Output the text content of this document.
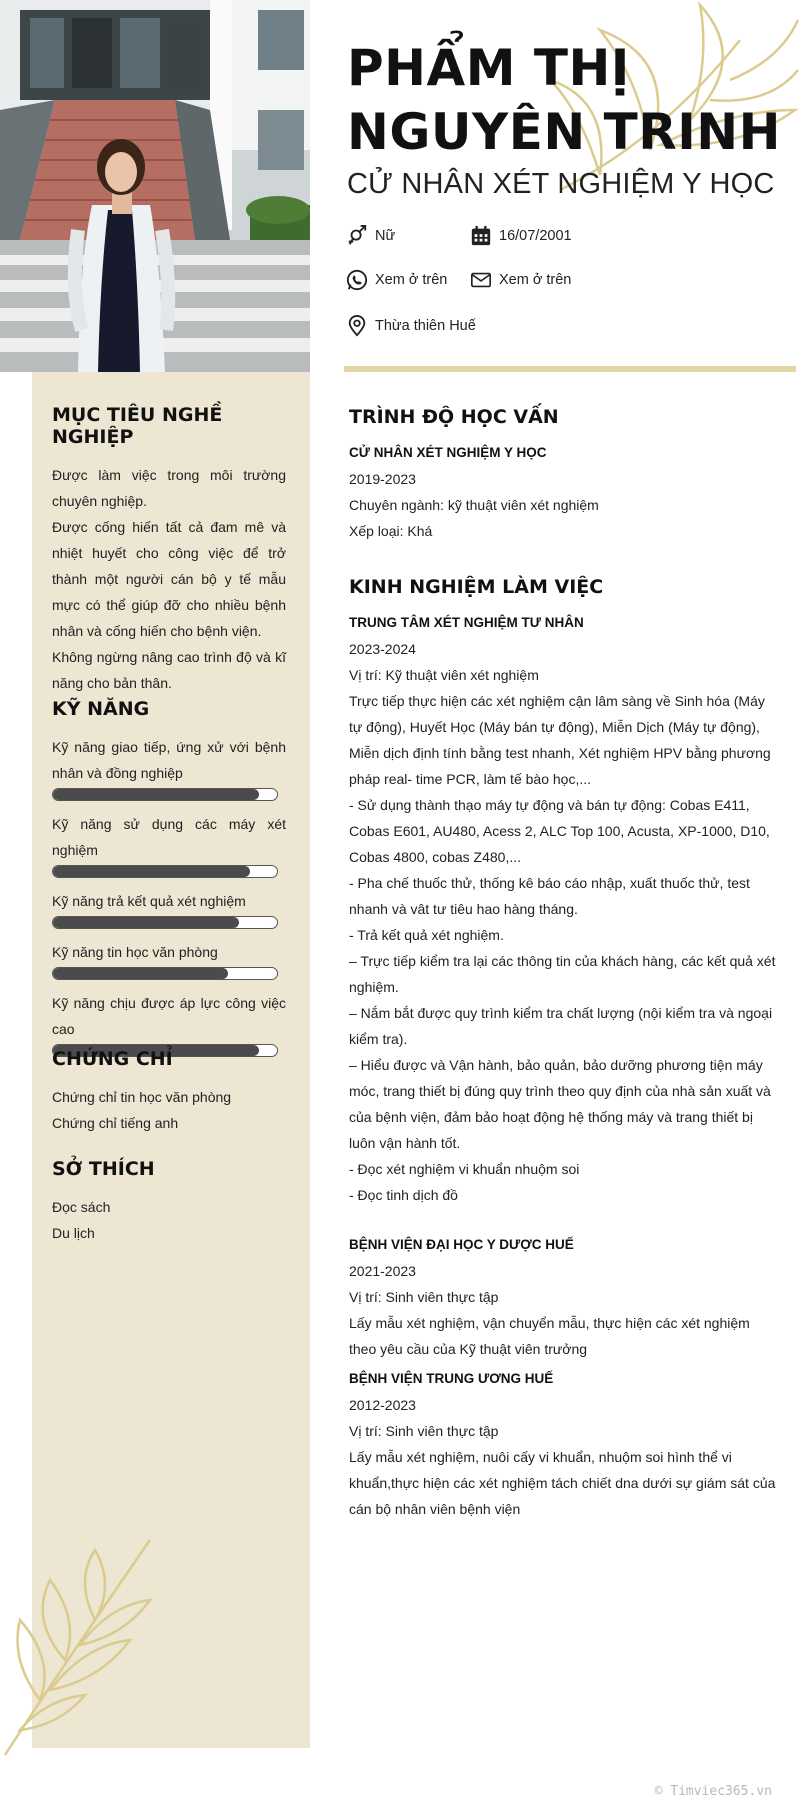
PHẨM THỊ
NGUYÊN TRINH
CỬ NHÂN XÉT NGHIỆM Y HỌC
Nữ	16/07/2001
Xem ở trên	Xem ở trên
Thừa thiên Huế
MỤC TIÊU NGHỀ NGHIỆP

Được làm việc trong môi trường chuyên nghiệp.

Được cống hiến tất cả đam mê và nhiệt huyết cho công việc để trở thành một người cán bộ y tế mẫu mực có thể giúp đỡ cho nhiều bệnh nhân và cống hiến cho bệnh viện.

Không ngừng nâng cao trình độ và kĩ năng cho bản thân.

KỸ NĂNG
Kỹ năng giao tiếp, ứng xử với bệnh nhân và đồng nghiệp
Kỹ năng sử dụng các máy xét nghiệm
Kỹ năng trả kết quả xét nghiệm
Kỹ năng tin học văn phòng
Kỹ năng chịu được áp lực công việc cao
CHỨNG CHỈ
Chứng chỉ tin học văn phòng
Chứng chỉ tiếng anh
SỞ THÍCH
Đọc sách
Du lịch
TRÌNH ĐỘ HỌC VẤN
CỬ NHÂN XÉT NGHIỆM Y HỌC
2019-2023
Chuyên ngành: kỹ thuật viên xét nghiệm
Xếp loại: Khá
KINH NGHIỆM LÀM VIỆC
TRUNG TÂM XÉT NGHIỆM TƯ NHÂN
2023-2024
Vị trí: Kỹ thuật viên xét nghiệm
Trực tiếp thực hiện các xét nghiệm cận lâm sàng về Sinh hóa (Máy tự động), Huyết Học (Máy bán tự động), Miễn Dịch (Máy tự động), Miễn dịch định tính bằng test nhanh, Xét nghiệm HPV bằng phương pháp real- time PCR, làm tế bào học,...
- Sử dụng thành thạo máy tự động và bán tự động: Cobas E411, Cobas E601, AU480, Acess 2, ALC Top 100, Acusta, XP-1000, D10, Cobas 4800, cobas Z480,...
- Pha chế thuốc thử, thống kê báo cáo nhập, xuất thuốc thử, test nhanh và vât tư tiêu hao hàng tháng.
- Trả kết quả xét nghiệm.
– Trực tiếp kiểm tra lại các thông tin của khách hàng, các kết quả xét nghiệm.
– Nắm bắt được quy trình kiểm tra chất lượng (nội kiểm tra và ngoại kiểm tra).
– Hiểu được và Vận hành, bảo quản, bảo dưỡng phương tiện máy móc, trang thiết bị đúng quy trình theo quy định của nhà sản xuất và của bệnh viện, đảm bảo hoạt động hệ thống máy và trang thiết bị luôn vận hành tốt.
- Đọc xét nghiệm vi khuẩn nhuộm soi
- Đọc tinh dịch đồ
BỆNH VIỆN ĐẠI HỌC Y DƯỢC HUẾ
2021-2023
Vị trí: Sinh viên thực tập
Lấy mẫu xét nghiệm, vận chuyển mẫu, thực hiện các xét nghiệm theo yêu cầu của Kỹ thuật viên trưởng
BỆNH VIỆN TRUNG ƯƠNG HUẾ
2012-2023
Vị trí: Sinh viên thực tập
Lấy mẫu xét nghiệm, nuôi cấy vi khuẩn, nhuộm soi hình thể vi khuẩn,thực hiện các xét nghiệm tách chiết dna dưới sự giám sát của cán bộ nhân viên bệnh viện
© Timviec365.vn
